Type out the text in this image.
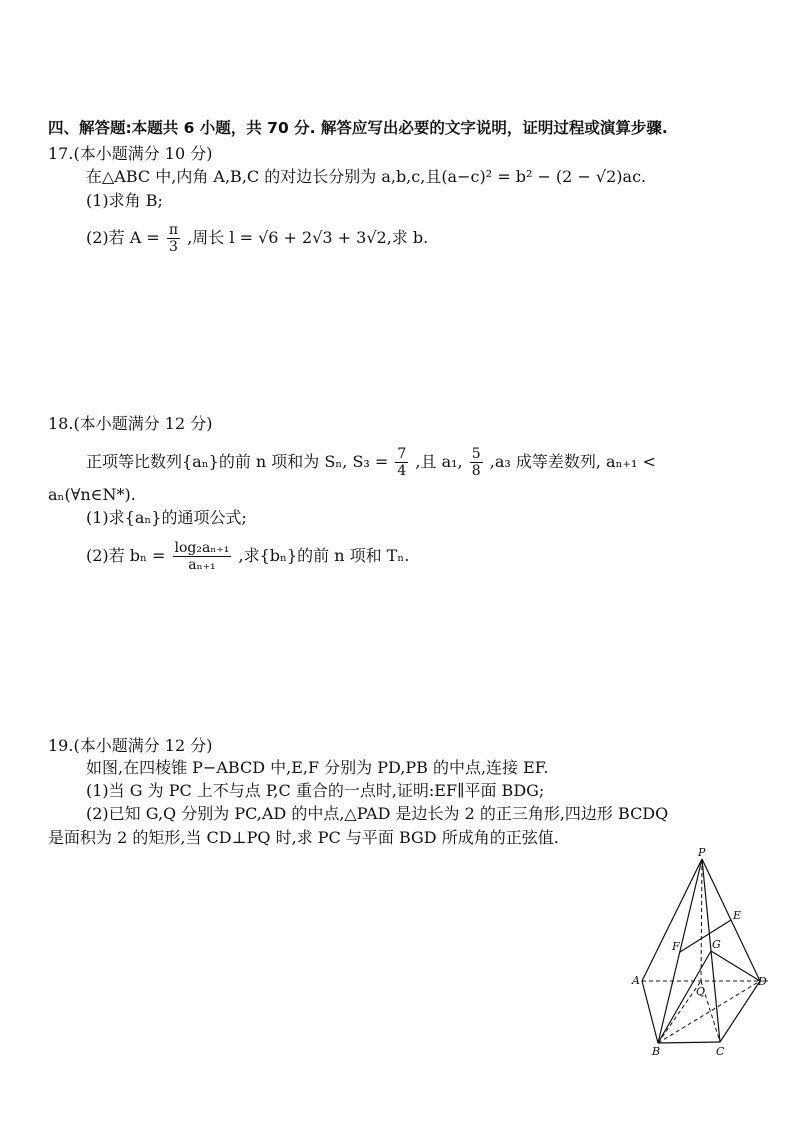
四、解答题:本题共 6 小题，共 70 分. 解答应写出必要的文字说明，证明过程或演算步骤.
17.(本小题满分 10 分)
在△ABC 中,内角 A,B,C 的对边长分别为 a,b,c,且(a−c)² = b² − (2 − √2)ac.
(1)求角 B;
(2)若 $A = \frac{\pi}{3}$ ,周长 l = √6 + 2√3 + 3√2,求 b.
18.(本小题满分 12 分)
正项等比数列{aₙ}的前 n 项和为 Sₙ, $S_3 = \frac{7}{4}$ ,且 a₁, $\frac{5}{8} ,a_3$ 成等差数列, aₙ₊₁ <
aₙ(∀n∈N*).
(1)求{aₙ}的通项公式;
(2)若 $b_n = \frac{\text{log₂aₙ₊₁}}{\text{aₙ₊₁}}$ ,求{bₙ}的前 n 项和 Tₙ.
19.(本小题满分 12 分)
如图,在四棱锥 P−ABCD 中,E,F 分别为 PD,PB 的中点,连接 EF.
(1)当 G 为 PC 上不与点 P,C 重合的一点时,证明:EF∥平面 BDG;
(2)已知 G,Q 分别为 PC,AD 的中点,△PAD 是边长为 2 的正三角形,四边形 BCDQ
是面积为 2 的矩形,当 CD⊥PQ 时,求 PC 与平面 BGD 所成角的正弦值.
P
E
F	G
A	D
Q
B	C
